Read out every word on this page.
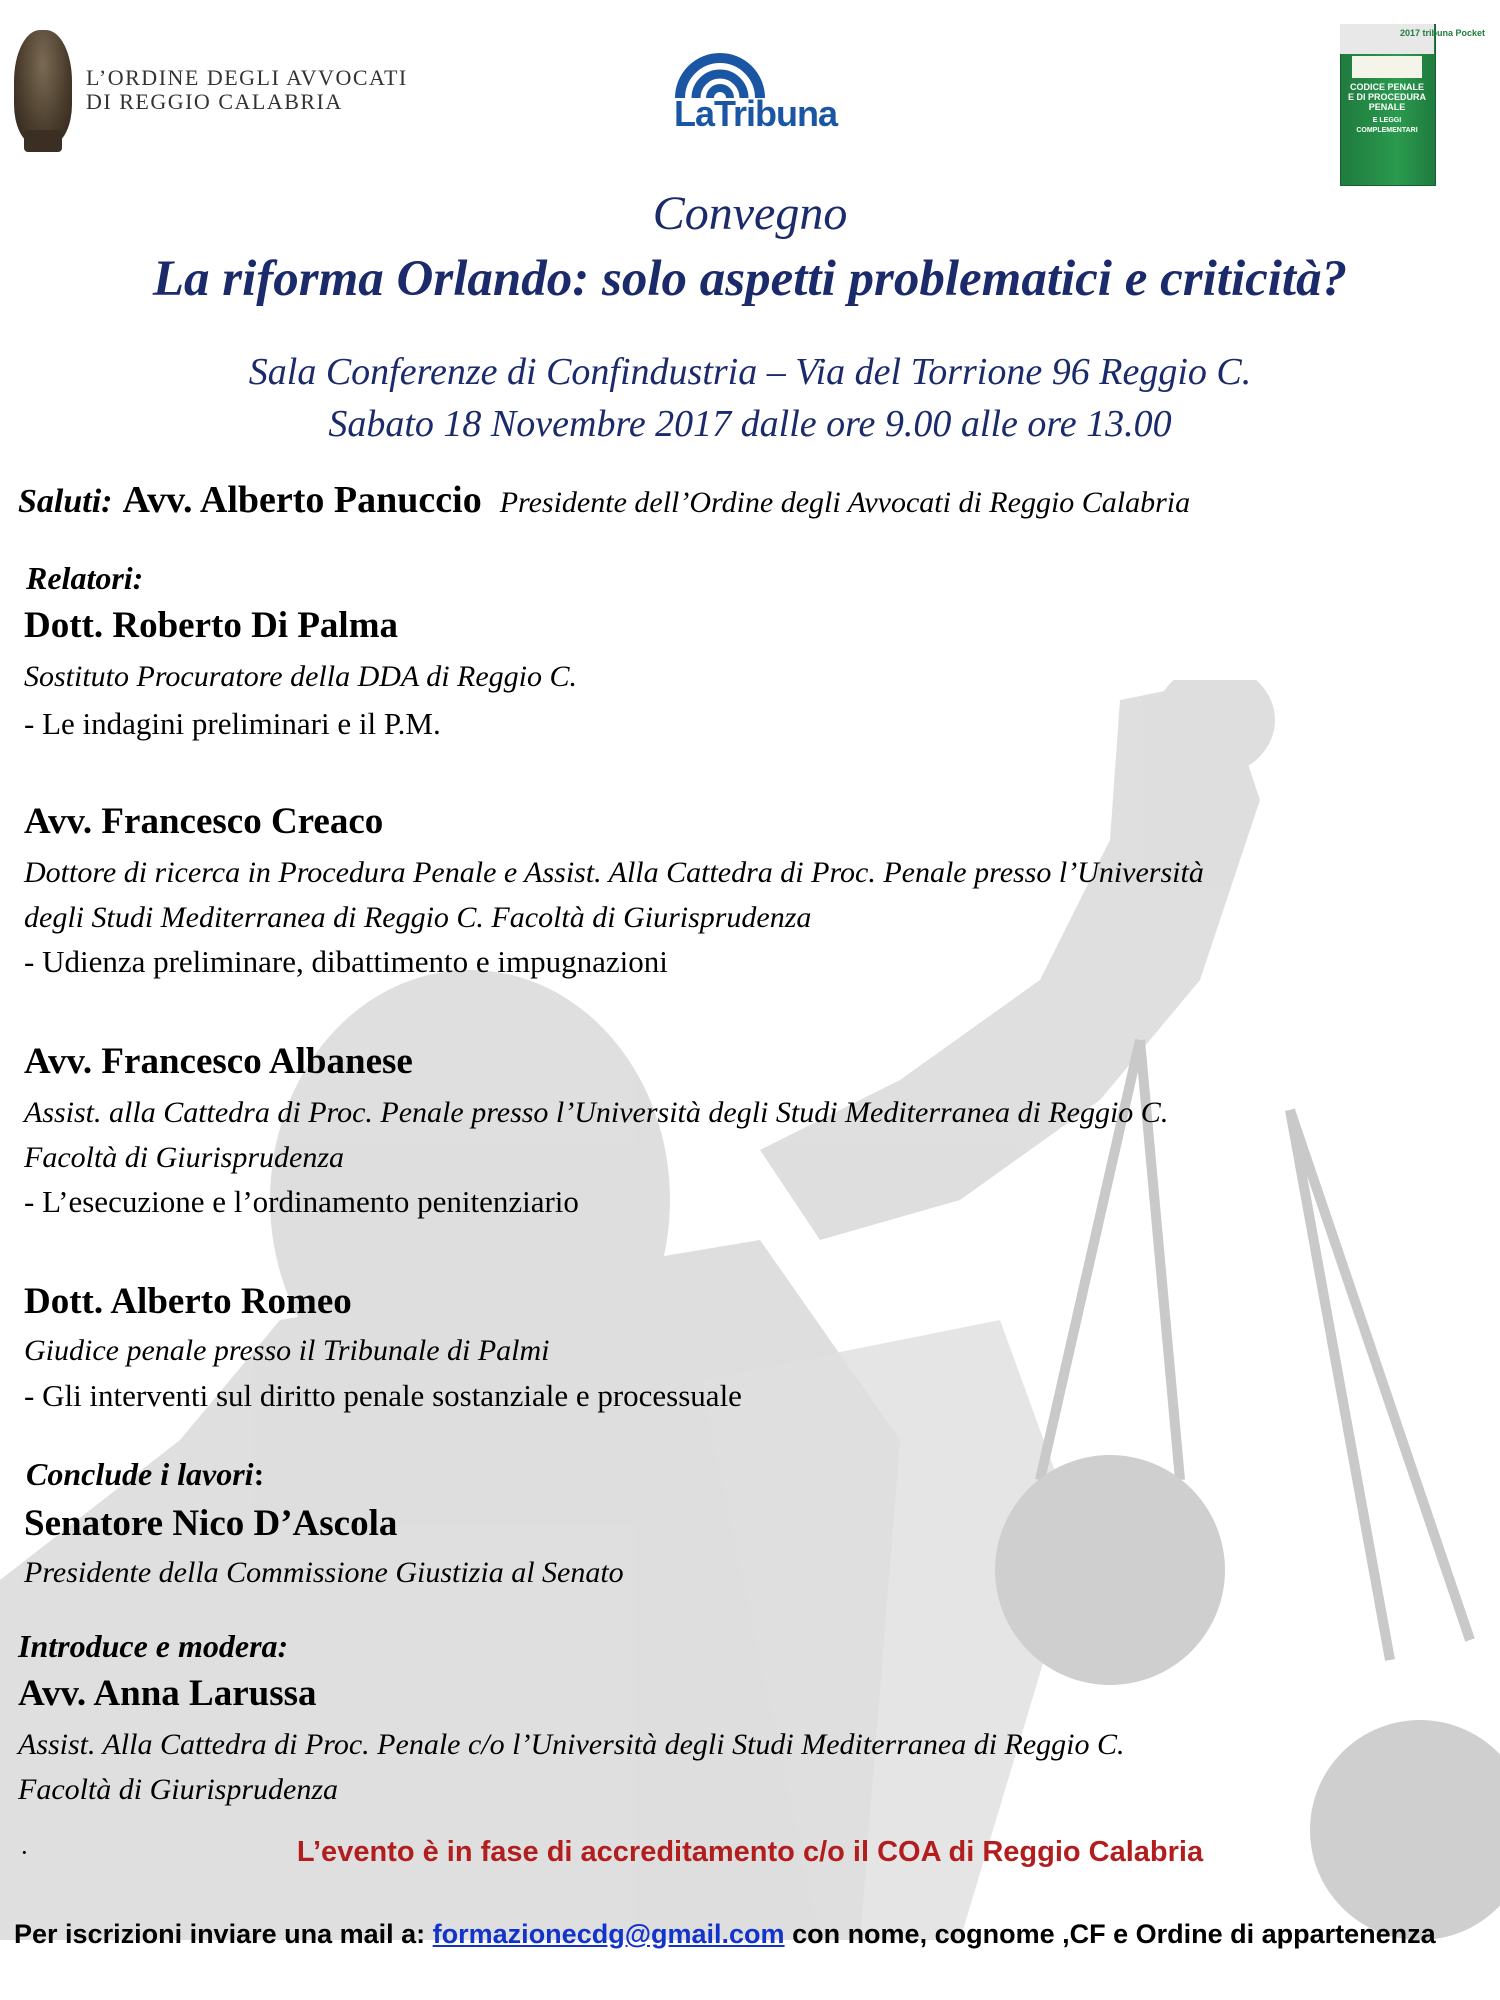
L’ORDINE DEGLI AVVOCATI
DI REGGIO CALABRIA	LaTribuna
2017 tribuna Pocket
CODICE PENALE E DI PROCEDURA PENALE
E LEGGI COMPLEMENTARI
Convegno
La riforma Orlando: solo aspetti problematici e criticità?
Sala Conferenze di Confindustria – Via del Torrione 96 Reggio C.
Sabato 18 Novembre 2017 dalle ore 9.00 alle ore 13.00
Saluti: Avv. Alberto Panuccio Presidente dell’Ordine degli Avvocati di Reggio Calabria
Relatori:
Dott. Roberto Di Palma
Sostituto Procuratore della DDA di Reggio C.
- Le indagini preliminari e il P.M.
Avv. Francesco Creaco
Dottore di ricerca in Procedura Penale e Assist. Alla Cattedra di Proc. Penale presso l’Università
degli Studi Mediterranea di Reggio C. Facoltà di Giurisprudenza
- Udienza preliminare, dibattimento e impugnazioni
Avv. Francesco Albanese
Assist. alla Cattedra di Proc. Penale presso l’Università degli Studi Mediterranea di Reggio C.
Facoltà di Giurisprudenza
- L’esecuzione e l’ordinamento penitenziario
Dott. Alberto Romeo
Giudice penale presso il Tribunale di Palmi
- Gli interventi sul diritto penale sostanziale e processuale
Conclude i lavori:
Senatore Nico D’Ascola
Presidente della Commissione Giustizia al Senato
Introduce e modera:
Avv. Anna Larussa
Assist. Alla Cattedra di Proc. Penale c/o l’Università degli Studi Mediterranea di Reggio C.
Facoltà di Giurisprudenza
·	L’evento è in fase di accreditamento c/o il COA di Reggio Calabria
Per iscrizioni inviare una mail a: formazionecdg@gmail.com con nome, cognome ,CF e Ordine di appartenenza
